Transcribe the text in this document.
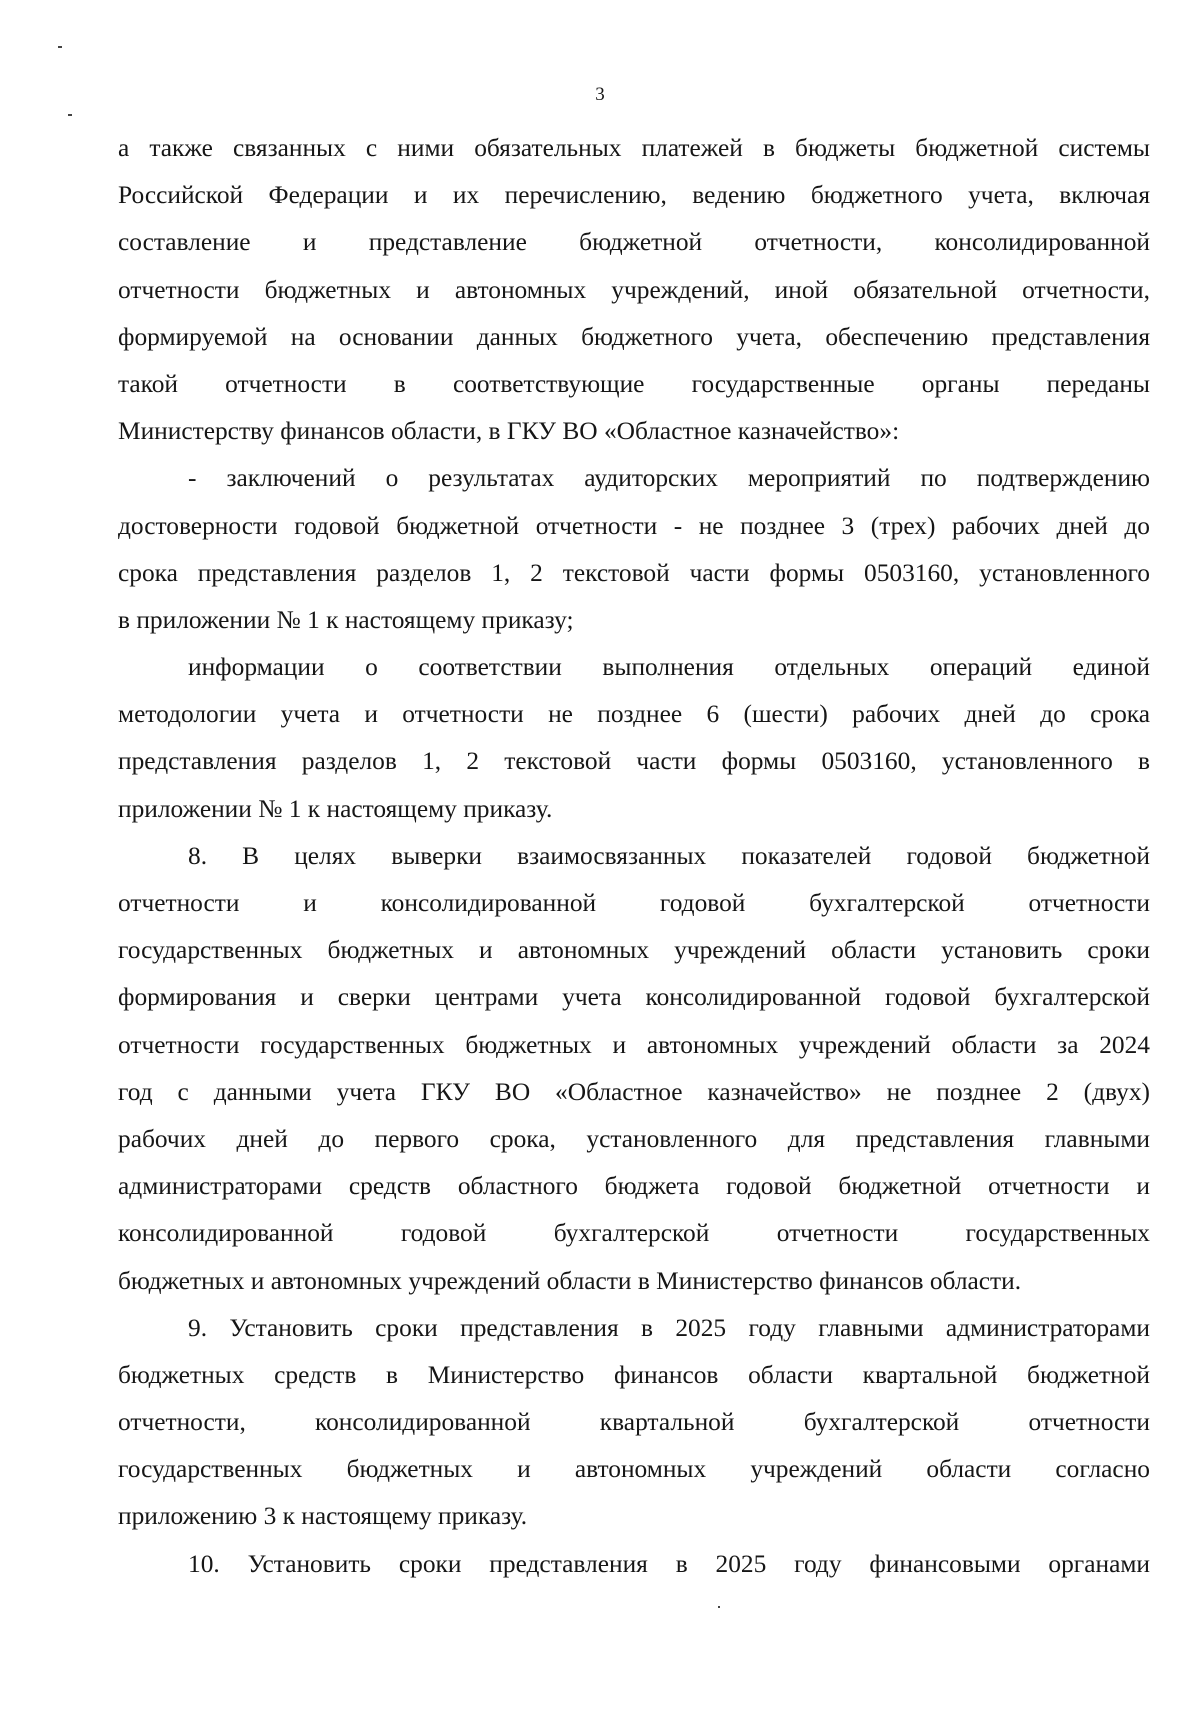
3
а также связанных с ними обязательных платежей в бюджеты бюджетной системы
Российской Федерации и их перечислению, ведению бюджетного учета, включая
составление и представление бюджетной отчетности, консолидированной
отчетности бюджетных и автономных учреждений, иной обязательной отчетности,
формируемой на основании данных бюджетного учета, обеспечению представления
такой отчетности в соответствующие государственные органы переданы
Министерству финансов области, в ГКУ ВО «Областное казначейство»:
- заключений о результатах аудиторских мероприятий по подтверждению
достоверности годовой бюджетной отчетности - не позднее 3 (трех) рабочих дней до
срока представления разделов 1, 2 текстовой части формы 0503160, установленного
в приложении № 1 к настоящему приказу;
информации о соответствии выполнения отдельных операций единой
методологии учета и отчетности не позднее 6 (шести) рабочих дней до срока
представления разделов 1, 2 текстовой части формы 0503160, установленного в
приложении № 1 к настоящему приказу.
8. В целях выверки взаимосвязанных показателей годовой бюджетной
отчетности и консолидированной годовой бухгалтерской отчетности
государственных бюджетных и автономных учреждений области установить сроки
формирования и сверки центрами учета консолидированной годовой бухгалтерской
отчетности государственных бюджетных и автономных учреждений области за 2024
год с данными учета ГКУ ВО «Областное казначейство» не позднее 2 (двух)
рабочих дней до первого срока, установленного для представления главными
администраторами средств областного бюджета годовой бюджетной отчетности и
консолидированной годовой бухгалтерской отчетности государственных
бюджетных и автономных учреждений области в Министерство финансов области.
9. Установить сроки представления в 2025 году главными администраторами
бюджетных средств в Министерство финансов области квартальной бюджетной
отчетности, консолидированной квартальной бухгалтерской отчетности
государственных бюджетных и автономных учреждений области согласно
приложению 3 к настоящему приказу.
10. Установить сроки представления в 2025 году финансовыми органами
